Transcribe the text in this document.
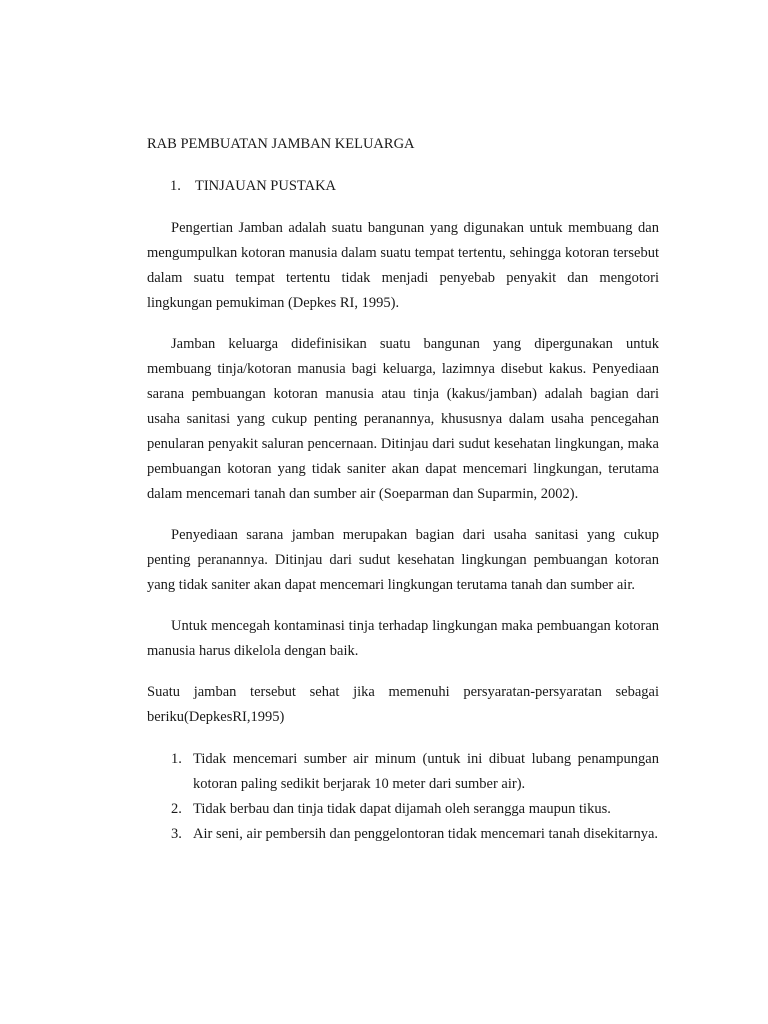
RAB PEMBUATAN JAMBAN KELUARGA
1. TINJAUAN PUSTAKA

Pengertian Jamban adalah suatu bangunan yang digunakan untuk membuang dan mengumpulkan kotoran manusia dalam suatu tempat tertentu, sehingga kotoran tersebut dalam suatu tempat tertentu tidak menjadi penyebab penyakit dan mengotori lingkungan pemukiman (Depkes RI, 1995).

Jamban keluarga didefinisikan suatu bangunan yang dipergunakan untuk membuang tinja/kotoran manusia bagi keluarga, lazimnya disebut kakus. Penyediaan sarana pembuangan kotoran manusia atau tinja (kakus/jamban) adalah bagian dari usaha sanitasi yang cukup penting peranannya, khususnya dalam usaha pencegahan penularan penyakit saluran pencernaan. Ditinjau dari sudut kesehatan lingkungan, maka pembuangan kotoran yang tidak saniter akan dapat mencemari lingkungan, terutama dalam mencemari tanah dan sumber air (Soeparman dan Suparmin, 2002).

Penyediaan sarana jamban merupakan bagian dari usaha sanitasi yang cukup penting peranannya. Ditinjau dari sudut kesehatan lingkungan pembuangan kotoran yang tidak saniter akan dapat mencemari lingkungan terutama tanah dan sumber air.

Untuk mencegah kontaminasi tinja terhadap lingkungan maka pembuangan kotoran manusia harus dikelola dengan baik.

Suatu jamban tersebut sehat jika memenuhi persyaratan-persyaratan sebagai beriku(DepkesRI,1995)

1. Tidak mencemari sumber air minum (untuk ini dibuat lubang penampungan kotoran paling sedikit berjarak 10 meter dari sumber air).
2. Tidak berbau dan tinja tidak dapat dijamah oleh serangga maupun tikus.
3. Air seni, air pembersih dan penggelontoran tidak mencemari tanah disekitarnya.
